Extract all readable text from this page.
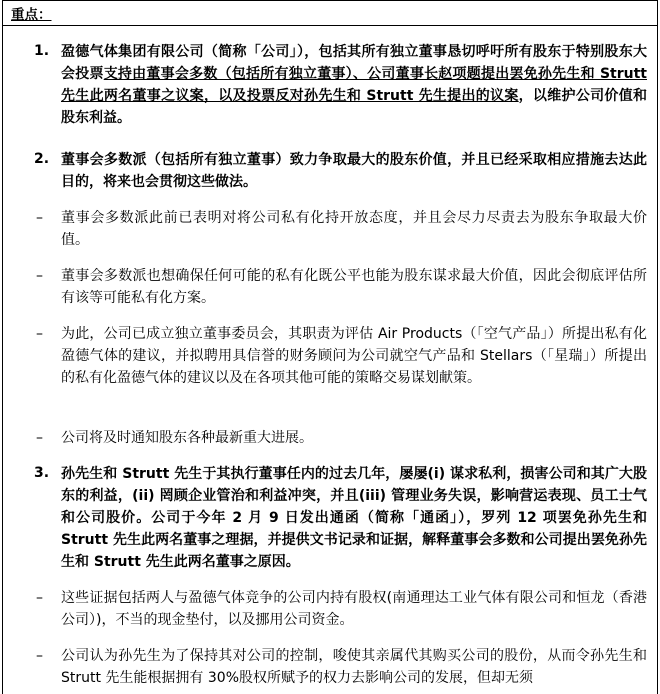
重点：
1. 盈德气体集团有限公司（简称「公司」），包括其所有独立董事恳切呼吁所有股东于特别股东大会投票支持由董事会多数（包括所有独立董事）、公司董事长赵项题提出罢免孙先生和 Strutt 先生此两名董事之议案，以及投票反对孙先生和 Strutt 先生提出的议案，以维护公司价值和股东利益。
2. 董事会多数派（包括所有独立董事）致力争取最大的股东价值，并且已经采取相应措施去达此目的，将来也会贯彻这些做法。
– 董事会多数派此前已表明对将公司私有化持开放态度，并且会尽力尽责去为股东争取最大价值。
– 董事会多数派也想确保任何可能的私有化既公平也能为股东谋求最大价值，因此会彻底评估所有该等可能私有化方案。
– 为此，公司已成立独立董事委员会，其职责为评估 Air Products（「空气产品」）所提出私有化盈德气体的建议，并拟聘用具信誉的财务顾问为公司就空气产品和 Stellars（「星瑞」）所提出的私有化盈德气体的建议以及在各项其他可能的策略交易谋划献策。
– 公司将及时通知股东各种最新重大进展。
3. 孙先生和 Strutt 先生于其执行董事任内的过去几年，屡屡(i) 谋求私利，损害公司和其广大股东的利益，(ii) 罔顾企业管治和利益冲突，并且(iii) 管理业务失误，影响营运表现、员工士气和公司股价。公司于今年 2 月 9 日发出通函（简称「通函」），罗列 12 项罢免孙先生和 Strutt 先生此两名董事之理据，并提供文书记录和证据，解释董事会多数和公司提出罢免孙先生和 Strutt 先生此两名董事之原因。
– 这些证据包括两人与盈德气体竞争的公司内持有股权(南通理达工业气体有限公司和恒龙（香港公司）)，不当的现金垫付，以及挪用公司资金。
– 公司认为孙先生为了保持其对公司的控制，唆使其亲属代其购买公司的股份，从而令孙先生和 Strutt 先生能根据拥有 30%股权所赋予的权力去影响公司的发展，但却无须
